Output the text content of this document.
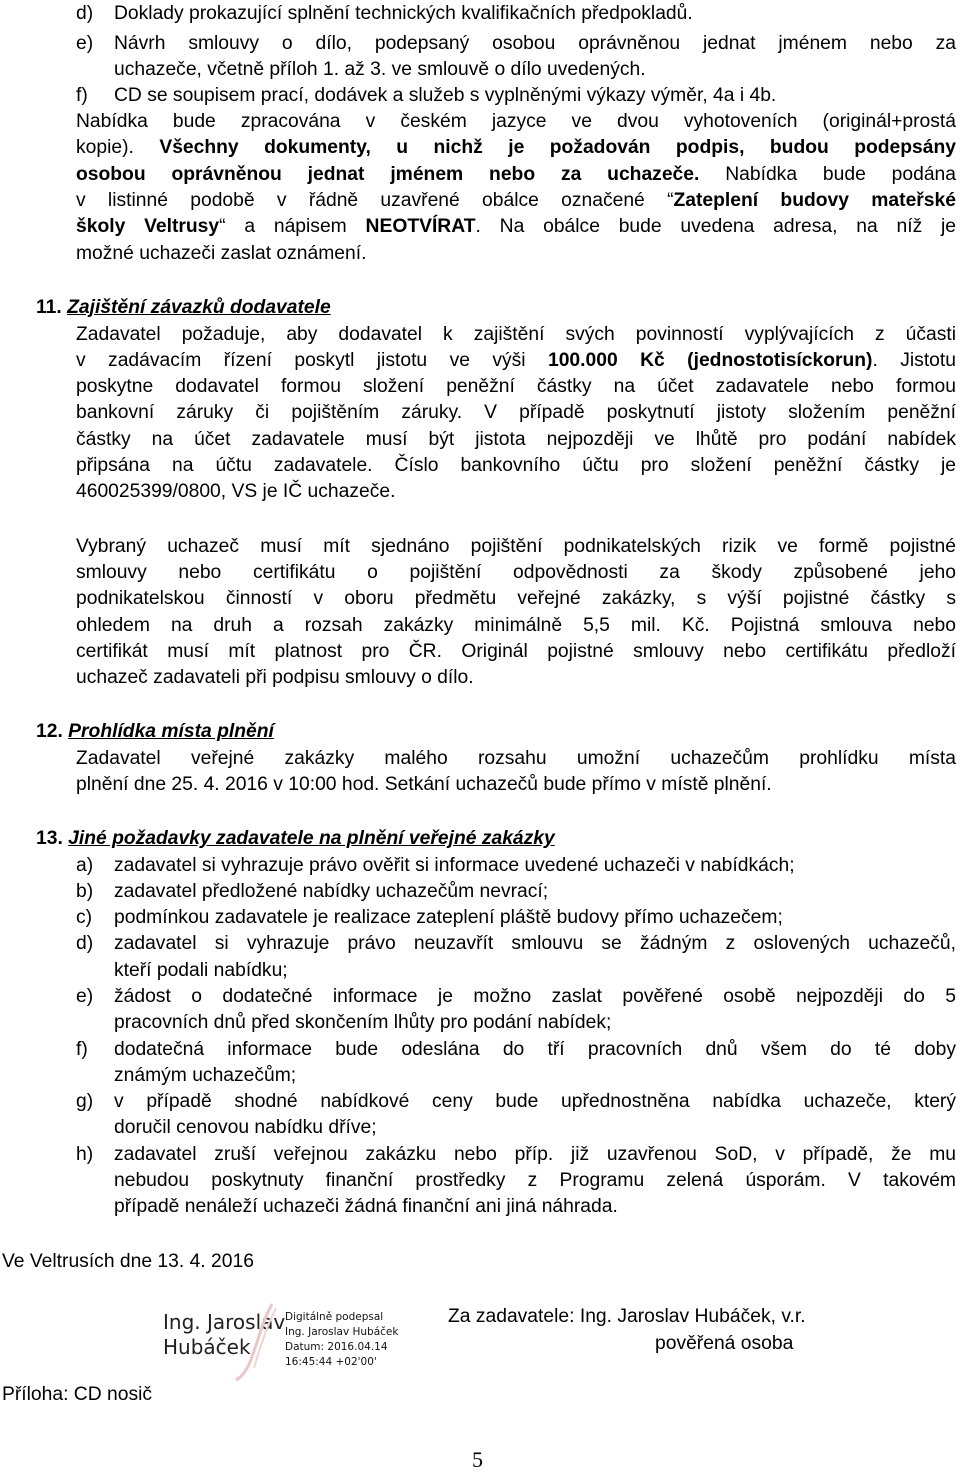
d) Doklady prokazující splnění technických kvalifikačních předpokladů.
e) Návrh smlouvy o dílo, podepsaný osobou oprávněnou jednat jménem nebo za
uchazeče, včetně příloh 1. až 3. ve smlouvě o dílo uvedených.
f) CD se soupisem prací, dodávek a služeb s vyplněnými výkazy výměr, 4a i 4b.
Nabídka bude zpracována v českém jazyce ve dvou vyhotoveních (originál+prostá
kopie). Všechny dokumenty, u nichž je požadován podpis, budou podepsány
osobou oprávněnou jednat jménem nebo za uchazeče. Nabídka bude podána
v listinné podobě v řádně uzavřené obálce označené “Zateplení budovy mateřské
školy Veltrusy“ a nápisem NEOTVÍRAT. Na obálce bude uvedena adresa, na níž je
možné uchazeči zaslat oznámení.
11. Zajištění závazků dodavatele
Zadavatel požaduje, aby dodavatel k zajištění svých povinností vyplývajících z účasti
v zadávacím řízení poskytl jistotu ve výši 100.000 Kč (jednostotisíckorun). Jistotu
poskytne dodavatel formou složení peněžní částky na účet zadavatele nebo formou
bankovní záruky či pojištěním záruky. V případě poskytnutí jistoty složením peněžní
částky na účet zadavatele musí být jistota nejpozději ve lhůtě pro podání nabídek
připsána na účtu zadavatele. Číslo bankovního účtu pro složení peněžní částky je
460025399/0800, VS je IČ uchazeče.
Vybraný uchazeč musí mít sjednáno pojištění podnikatelských rizik ve formě pojistné
smlouvy nebo certifikátu o pojištění odpovědnosti za škody způsobené jeho
podnikatelskou činností v oboru předmětu veřejné zakázky, s výší pojistné částky s
ohledem na druh a rozsah zakázky minimálně 5,5 mil. Kč. Pojistná smlouva nebo
certifikát musí mít platnost pro ČR. Originál pojistné smlouvy nebo certifikátu předloží
uchazeč zadavateli při podpisu smlouvy o dílo.
12. Prohlídka místa plnění
Zadavatel veřejné zakázky malého rozsahu umožní uchazečům prohlídku místa
plnění dne 25. 4. 2016 v 10:00 hod. Setkání uchazečů bude přímo v místě plnění.
13. Jiné požadavky zadavatele na plnění veřejné zakázky
a) zadavatel si vyhrazuje právo ověřit si informace uvedené uchazeči v nabídkách;
b) zadavatel předložené nabídky uchazečům nevrací;
c) podmínkou zadavatele je realizace zateplení pláště budovy přímo uchazečem;
d) zadavatel si vyhrazuje právo neuzavřít smlouvu se žádným z oslovených uchazečů,
kteří podali nabídku;
e) žádost o dodatečné informace je možno zaslat pověřené osobě nejpozději do 5
pracovních dnů před skončením lhůty pro podání nabídek;
f) dodatečná informace bude odeslána do tří pracovních dnů všem do té doby
známým uchazečům;
g) v případě shodné nabídkové ceny bude upřednostněna nabídka uchazeče, který
doručil cenovou nabídku dříve;
h) zadavatel zruší veřejnou zakázku nebo příp. již uzavřenou SoD, v případě, že mu
nebudou poskytnuty finanční prostředky z Programu zelená úsporám. V takovém
případě nenáleží uchazeči žádná finanční ani jiná náhrada.
Ve Veltrusích dne 13. 4. 2016
Ing. Jaroslav
Hubáček
Digitálně podepsal
Ing. Jaroslav Hubáček
Datum: 2016.04.14
16:45:44 +02'00'
Za zadavatele: Ing. Jaroslav Hubáček, v.r.
pověřená osoba
Příloha: CD nosič
5
